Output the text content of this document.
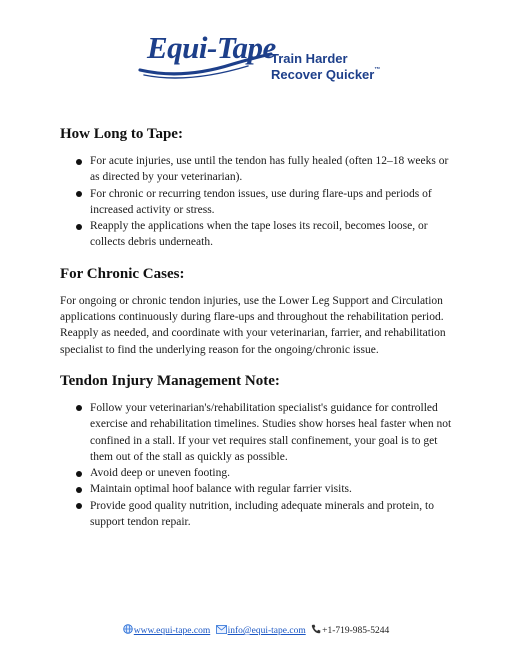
Equi-Tape
Train Harder
Recover Quicker™
How Long to Tape:
For acute injuries, use until the tendon has fully healed (often 12–18 weeks or as directed by your veterinarian).
For chronic or recurring tendon issues, use during flare-ups and periods of increased activity or stress.
Reapply the applications when the tape loses its recoil, becomes loose, or collects debris underneath.
For Chronic Cases:

For ongoing or chronic tendon injuries, use the Lower Leg Support and Circulation applications continuously during flare-ups and throughout the rehabilitation period. Reapply as needed, and coordinate with your veterinarian, farrier, and rehabilitation specialist to find the underlying reason for the ongoing/chronic issue.

Tendon Injury Management Note:
Follow your veterinarian's/rehabilitation specialist's guidance for controlled exercise and rehabilitation timelines. Studies show horses heal faster when not confined in a stall. If your vet requires stall confinement, your goal is to get them out of the stall as quickly as possible.
Avoid deep or uneven footing.
Maintain optimal hoof balance with regular farrier visits.
Provide good quality nutrition, including adequate minerals and protein, to support tendon repair.
www.equi-tape.com info@equi-tape.com +1-719-985-5244
